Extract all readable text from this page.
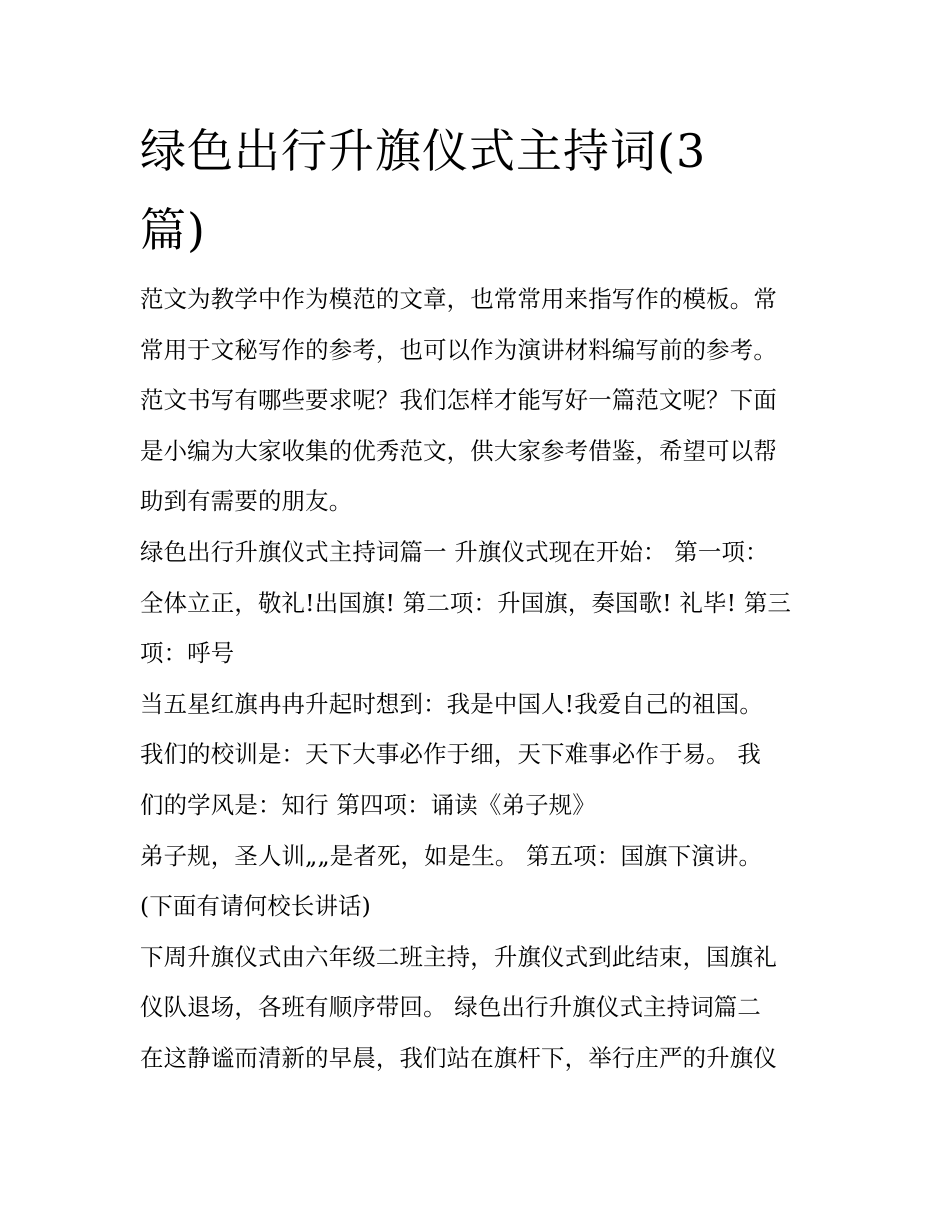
绿色出行升旗仪式主持词(3
篇)
范文为教学中作为模范的文章，也常常用来指写作的模板。常
常用于文秘写作的参考，也可以作为演讲材料编写前的参考。
范文书写有哪些要求呢？我们怎样才能写好一篇范文呢？下面
是小编为大家收集的优秀范文，供大家参考借鉴，希望可以帮
助到有需要的朋友。
绿色出行升旗仪式主持词篇一 升旗仪式现在开始： 第一项：
全体立正，敬礼!出国旗! 第二项：升国旗，奏国歌! 礼毕! 第三
项：呼号
当五星红旗冉冉升起时想到：我是中国人!我爱自己的祖国。
我们的校训是：天下大事必作于细，天下难事必作于易。 我
们的学风是：知行 第四项：诵读《弟子规》
弟子规，圣人训„„是者死，如是生。 第五项：国旗下演讲。
(下面有请何校长讲话)
下周升旗仪式由六年级二班主持，升旗仪式到此结束，国旗礼
仪队退场，各班有顺序带回。 绿色出行升旗仪式主持词篇二
在这静谧而清新的早晨，我们站在旗杆下，举行庄严的升旗仪
